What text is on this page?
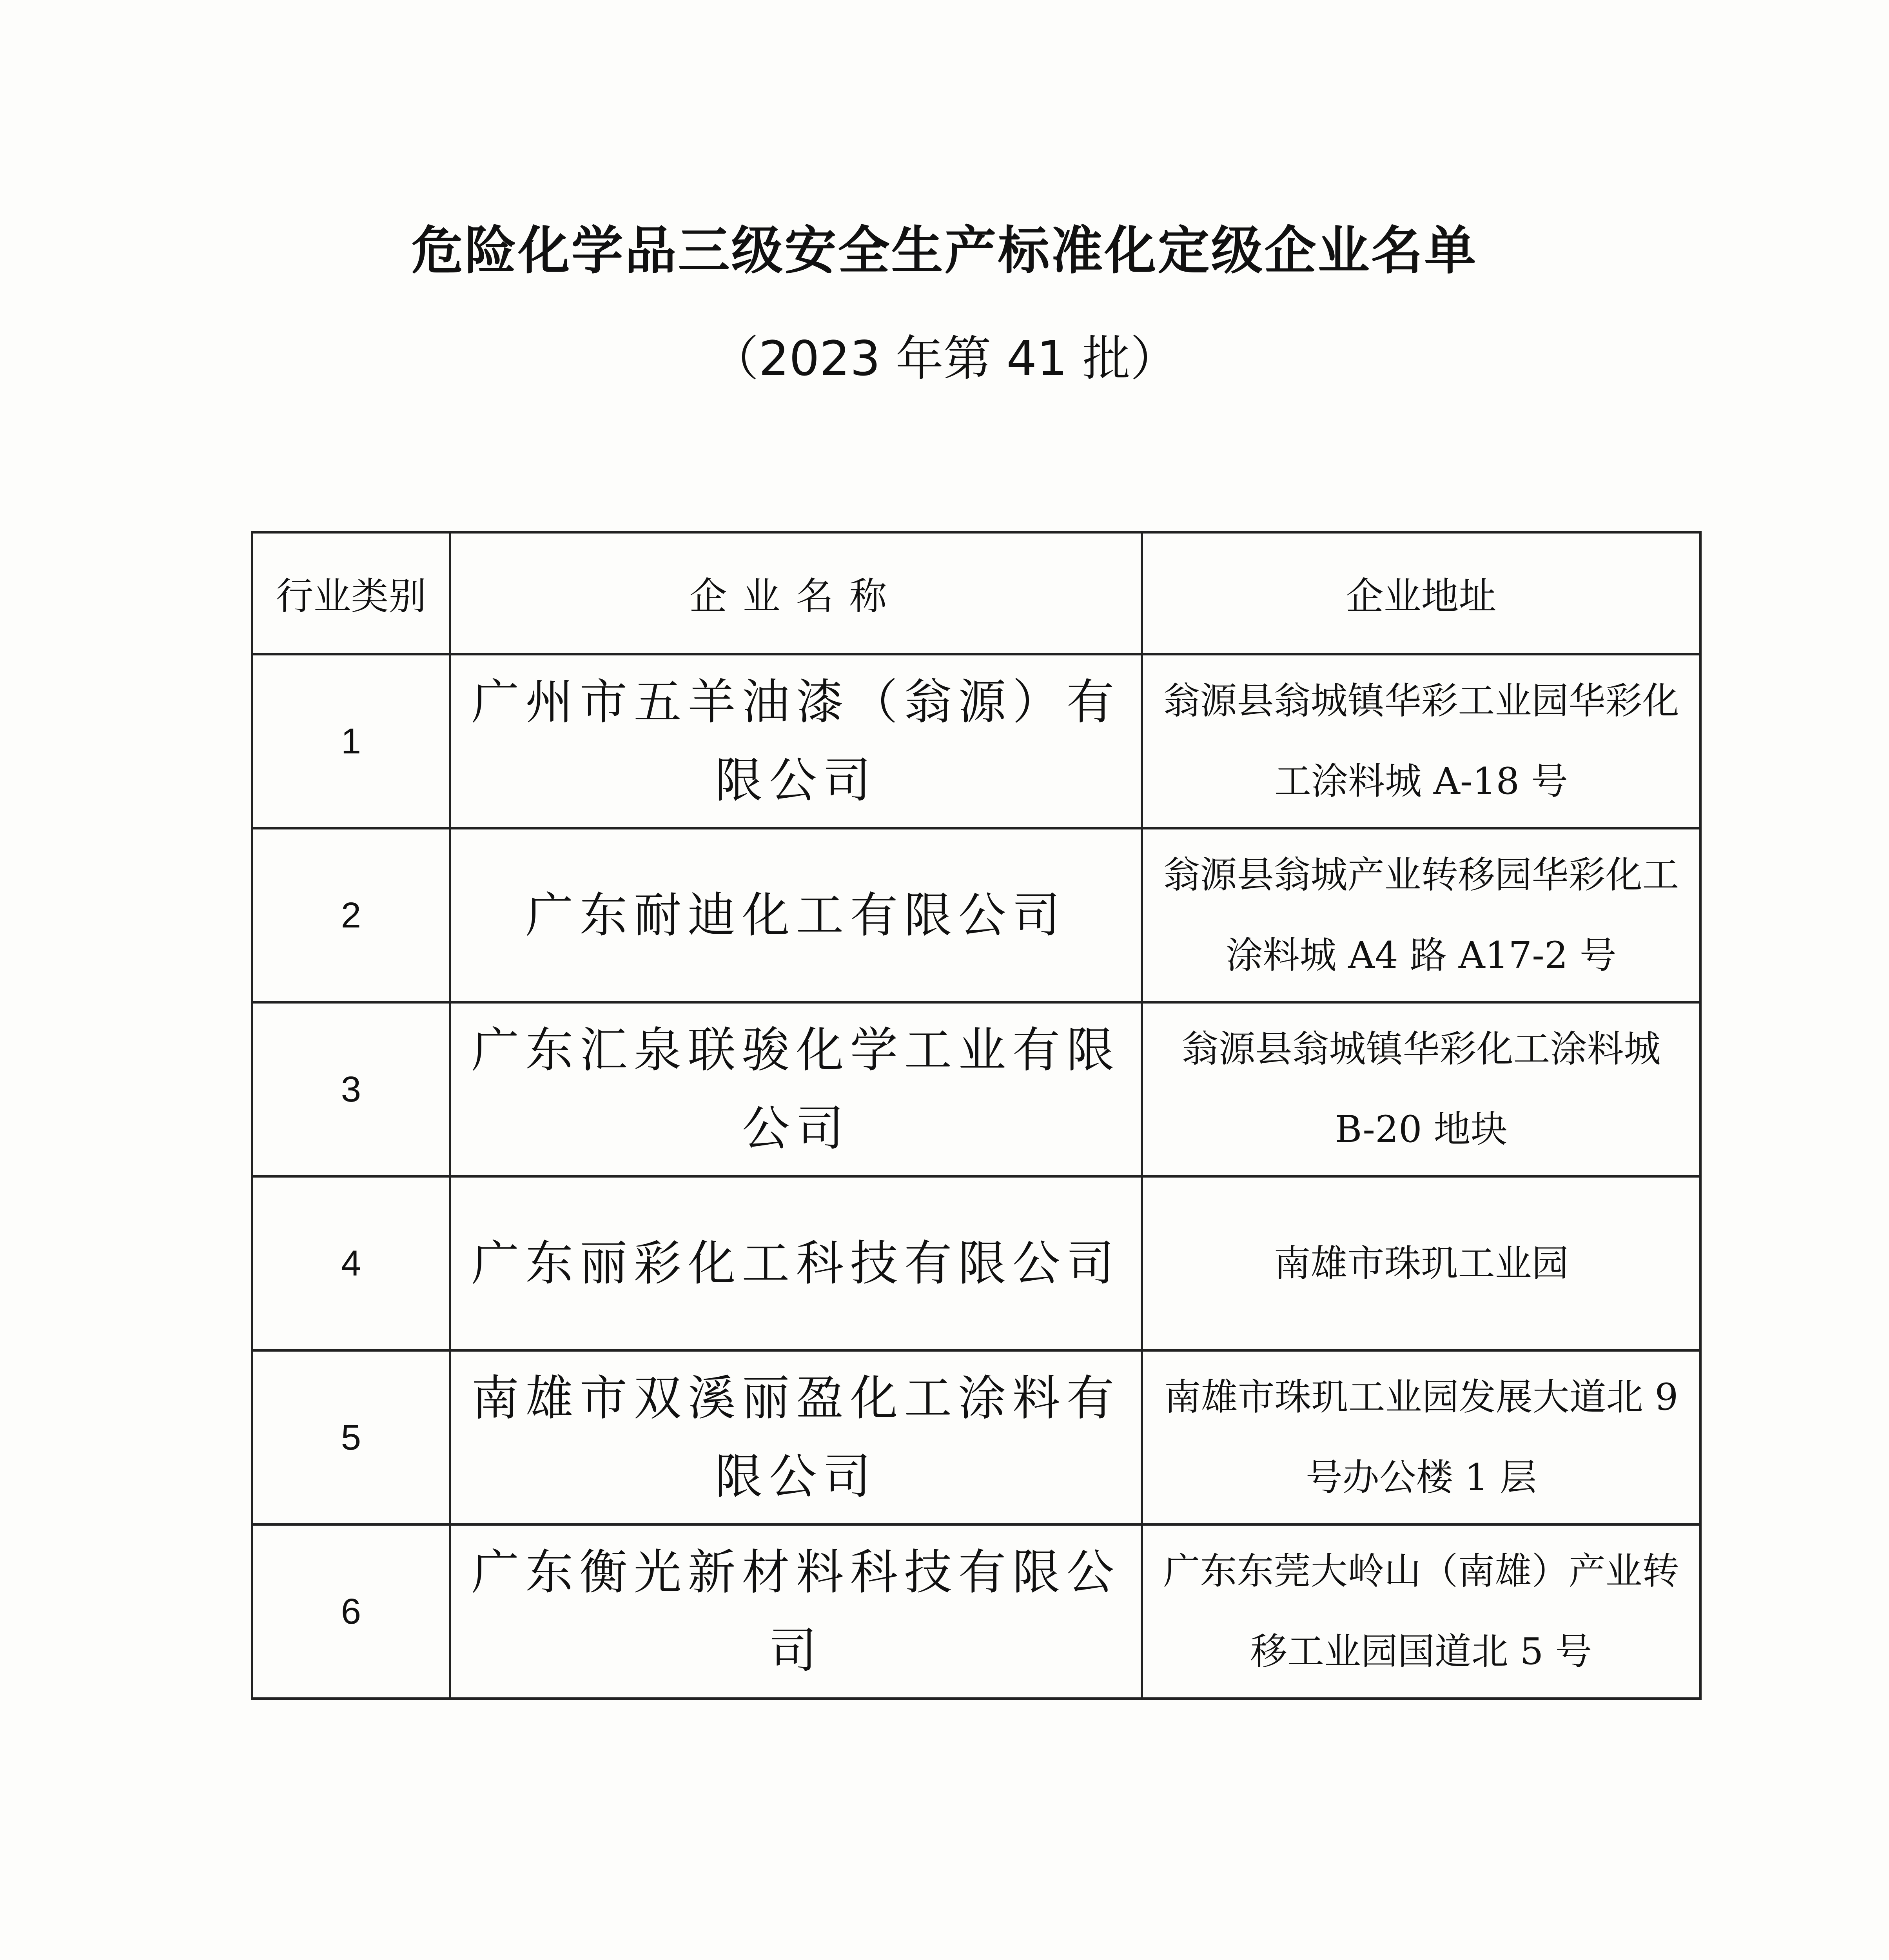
危险化学品三级安全生产标准化定级企业名单
（2023 年第 41 批）
行业类别	企业名称	企业地址
1	广州市五羊油漆（翁源）有限公司	翁源县翁城镇华彩工业园华彩化工涂料城 A-18 号
2	广东耐迪化工有限公司	翁源县翁城产业转移园华彩化工涂料城 A4 路 A17-2 号
3	广东汇泉联骏化学工业有限公司	翁源县翁城镇华彩化工涂料城 B-20 地块
4	广东丽彩化工科技有限公司	南雄市珠玑工业园
5	南雄市双溪丽盈化工涂料有限公司	南雄市珠玑工业园发展大道北 9 号办公楼 1 层
6	广东衡光新材料科技有限公司	广东东莞大岭山（南雄）产业转移工业园国道北 5 号
